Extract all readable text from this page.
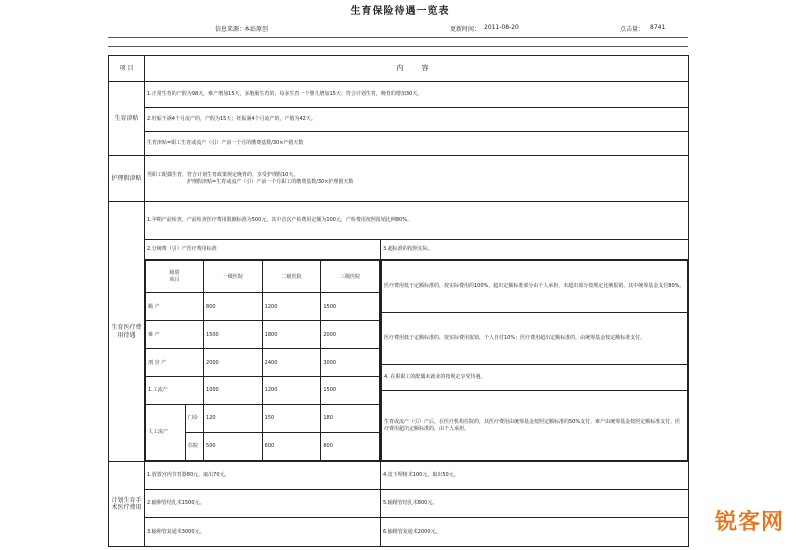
生育保险待遇一览表
信息来源：
本站原创	更新时间： 2011-08-20	点击量： 8741
项 目	内 容
生育津贴	1.正常生育的产假为98天，难产增加15天，多胞胎生育的，每多生育一个婴儿增加15天；符合计划生育，晚育的增加30天。
2.妊娠不满4个月流产的，产假为15天；妊娠满4个月流产的，产假为42天。
生育津贴=职工生育或流产（引）产前一个月的缴费基数/30×产假天数
护理假津贴	男职工配偶生育，符合计划生育政策规定晚育的，享受护理假10天。
护理假津贴=生育或流产（引）产前一个月职工的缴费基数/30×护理假天数

生育医疗费用待遇	1.孕期产前检查，产前检查医疗费用限额标准为500元，其中首次产检费用定额为100元，产检费用按照报销比例80%。
2.分娩费（引）产医疗费用标准	3.超标准的按照实际。

级别
项目
	一级医院	二级医院	三级医院
顺 产	800	1200	1500
难 产	1500	1800	2000
剖 宫 产	2000	2400	3000
1.工流产	1000	1200	1500
人工流产	门诊	120	150	180
住院	500	600	800

医疗费用低于定额标准的，按实际费用的100%，超出定额标准部分由个人承担，未超出部分按规定比例报销，其中统筹基金支付80%。
医疗费用低于定额标准的，按实际费用报销，个人自付10%；医疗费用超出定额标准的，由统筹基金按定额标准支付。
4. 在职职工的配偶未就业的按规定享受待遇。
生育或流产（引）产后，在医疗机构住院的，其医疗费用由统筹基金按照定额标准的50%支付，难产由统筹基金按照定额标准支付，医疗费用超出定额标准的，由个人承担。

计划生育手术医疗费用	1.放置宫内节育器80元，取出70元。	4.皮下埋植术100元，取出50元。
2.输卵管结扎术1500元。	5.输精管结扎术800元。
3.输卵管复通术3000元。	6.输精管复通术2000元。	锐客网
